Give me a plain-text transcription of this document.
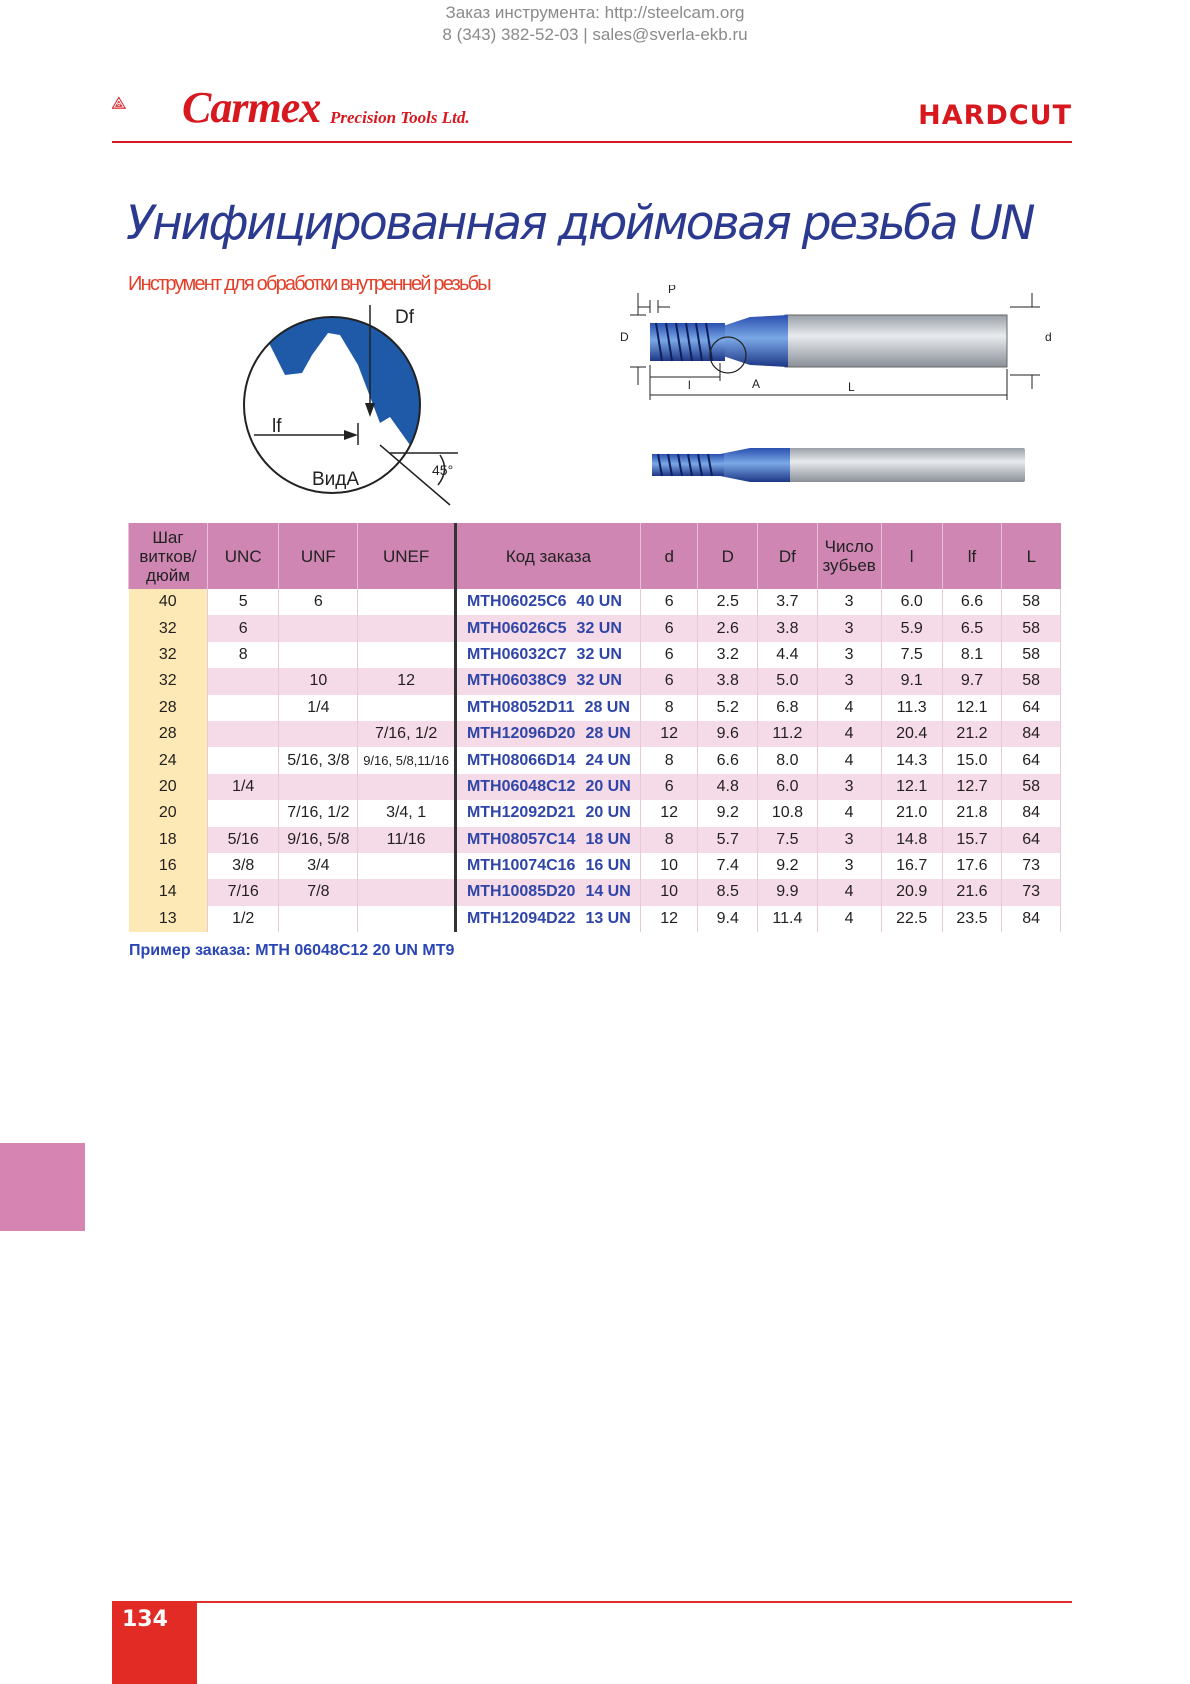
Заказ инструмента: http://steelcam.org
8 (343) 382-52-03 | sales@sverla-ekb.ru
Carmex Precision Tools Ltd.	HARDCUT
Унифицированная дюймовая резьба UN
Инструмент для обработки внутренней резьбы
Df
lf
ВидА	45°
P
D	d
l	A	L
Шаг витков/ дюйм	UNC	UNF	UNEF	Код заказа	d	D	Df	Число зубьев	l	lf	L
40	5	6		MTH06025C6 40 UN	6	2.5	3.7	3	6.0	6.6	58
32	6			MTH06026C5 32 UN	6	2.6	3.8	3	5.9	6.5	58
32	8			MTH06032C7 32 UN	6	3.2	4.4	3	7.5	8.1	58
32		10	12	MTH06038C9 32 UN	6	3.8	5.0	3	9.1	9.7	58
28		1/4		MTH08052D11 28 UN	8	5.2	6.8	4	11.3	12.1	64
28			7/16, 1/2	MTH12096D20 28 UN	12	9.6	11.2	4	20.4	21.2	84
24		5/16, 3/8	9/16, 5/8,11/16	MTH08066D14 24 UN	8	6.6	8.0	4	14.3	15.0	64
20	1/4			MTH06048C12 20 UN	6	4.8	6.0	3	12.1	12.7	58
20		7/16, 1/2	3/4, 1	MTH12092D21 20 UN	12	9.2	10.8	4	21.0	21.8	84
18	5/16	9/16, 5/8	11/16	MTH08057C14 18 UN	8	5.7	7.5	3	14.8	15.7	64
16	3/8	3/4		MTH10074C16 16 UN	10	7.4	9.2	3	16.7	17.6	73
14	7/16	7/8		MTH10085D20 14 UN	10	8.5	9.9	4	20.9	21.6	73
13	1/2			MTH12094D22 13 UN	12	9.4	11.4	4	22.5	23.5	84
Пример заказа: MTH 06048C12 20 UN MT9
134
